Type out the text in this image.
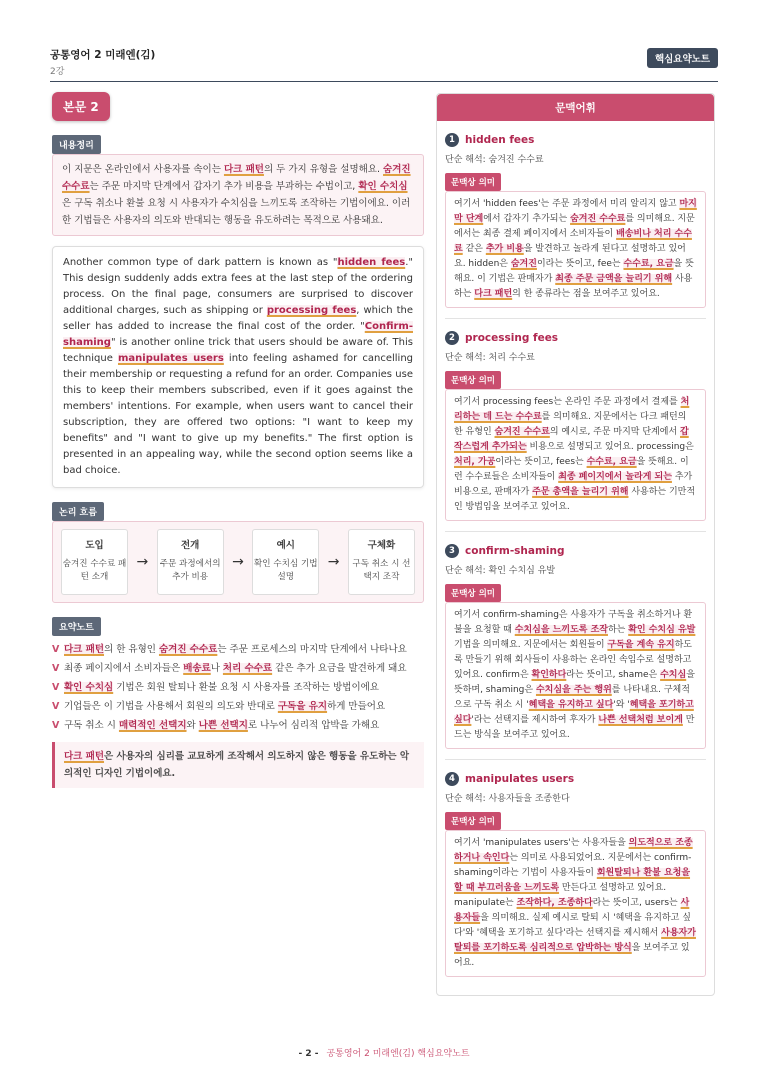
공통영어 2 미래엔(김)
2강
핵심요약노트
본문 2
내용정리
이 지문은 온라인에서 사용자를 속이는 다크 패턴의 두 가지 유형을 설명해요. 숨겨진 수수료는 주문 마지막 단계에서 갑자기 추가 비용을 부과하는 수법이고, 확인 수치심은 구독 취소나 환불 요청 시 사용자가 수치심을 느끼도록 조작하는 기법이에요. 이러한 기법들은 사용자의 의도와 반대되는 행동을 유도하려는 목적으로 사용돼요.
Another common type of dark pattern is known as "hidden fees." This design suddenly adds extra fees at the last step of the ordering process. On the final page, consumers are surprised to discover additional charges, such as shipping or processing fees, which the seller has added to increase the final cost of the order. "Confirm-shaming" is another online trick that users should be aware of. This technique manipulates users into feeling ashamed for cancelling their membership or requesting a refund for an order. Companies use this to keep their members subscribed, even if it goes against the members' intentions. For example, when users want to cancel their subscription, they are offered two options: "I want to keep my benefits" and "I want to give up my benefits." The first option is presented in an appealing way, while the second option seems like a bad choice.
논리 흐름
도입
숨겨진 수수료 패턴 소개
→
전개
주문 과정에서의 추가 비용
→
예시
확인 수치심 기법 설명
→
구체화
구독 취소 시 선택지 조작
요약노트
V 다크 패턴의 한 유형인 숨겨진 수수료는 주문 프로세스의 마지막 단계에서 나타나요
V 최종 페이지에서 소비자들은 배송료나 처리 수수료 같은 추가 요금을 발견하게 돼요
V 확인 수치심 기법은 회원 탈퇴나 환불 요청 시 사용자를 조작하는 방법이에요
V 기업들은 이 기법을 사용해서 회원의 의도와 반대로 구독을 유지하게 만들어요
V 구독 취소 시 매력적인 선택지와 나쁜 선택지로 나누어 심리적 압박을 가해요
다크 패턴은 사용자의 심리를 교묘하게 조작해서 의도하지 않은 행동을 유도하는 악의적인 디자인 기법이에요.
문맥어휘
1 hidden fees
단순 해석: 숨겨진 수수료
문맥상 의미
여기서 'hidden fees'는 주문 과정에서 미리 알리지 않고 마지막 단계에서 갑자기 추가되는 숨겨진 수수료를 의미해요. 지문에서는 최종 결제 페이지에서 소비자들이 배송비나 처리 수수료 같은 추가 비용을 발견하고 놀라게 된다고 설명하고 있어요. hidden은 숨겨진이라는 뜻이고, fee는 수수료, 요금을 뜻해요. 이 기법은 판매자가 최종 주문 금액을 늘리기 위해 사용하는 다크 패턴의 한 종류라는 점을 보여주고 있어요.
2 processing fees
단순 해석: 처리 수수료
문맥상 의미
여기서 processing fees는 온라인 주문 과정에서 결제를 처리하는 데 드는 수수료를 의미해요. 지문에서는 다크 패턴의 한 유형인 숨겨진 수수료의 예시로, 주문 마지막 단계에서 갑작스럽게 추가되는 비용으로 설명되고 있어요. processing은 처리, 가공이라는 뜻이고, fees는 수수료, 요금을 뜻해요. 이런 수수료들은 소비자들이 최종 페이지에서 놀라게 되는 추가 비용으로, 판매자가 주문 총액을 늘리기 위해 사용하는 기만적인 방법임을 보여주고 있어요.
3 confirm-shaming
단순 해석: 확인 수치심 유발
문맥상 의미
여기서 confirm-shaming은 사용자가 구독을 취소하거나 환불을 요청할 때 수치심을 느끼도록 조작하는 확인 수치심 유발 기법을 의미해요. 지문에서는 회원들이 구독을 계속 유지하도록 만들기 위해 회사들이 사용하는 온라인 속임수로 설명하고 있어요. confirm은 확인하다라는 뜻이고, shame은 수치심을 뜻하며, shaming은 수치심을 주는 행위를 나타내요. 구체적으로 구독 취소 시 '혜택을 유지하고 싶다'와 '혜택을 포기하고 싶다'라는 선택지를 제시하여 후자가 나쁜 선택처럼 보이게 만드는 방식을 보여주고 있어요.
4 manipulates users
단순 해석: 사용자들을 조종한다
문맥상 의미
여기서 'manipulates users'는 사용자들을 의도적으로 조종하거나 속인다는 의미로 사용되었어요. 지문에서는 confirm-shaming이라는 기법이 사용자들이 회원탈퇴나 환불 요청을 할 때 부끄러움을 느끼도록 만든다고 설명하고 있어요. manipulate는 조작하다, 조종하다라는 뜻이고, users는 사용자들을 의미해요. 실제 예시로 탈퇴 시 '혜택을 유지하고 싶다'와 '혜택을 포기하고 싶다'라는 선택지를 제시해서 사용자가 탈퇴를 포기하도록 심리적으로 압박하는 방식을 보여주고 있어요.
- 2 - 공통영어 2 미래엔(김) 핵심요약노트
